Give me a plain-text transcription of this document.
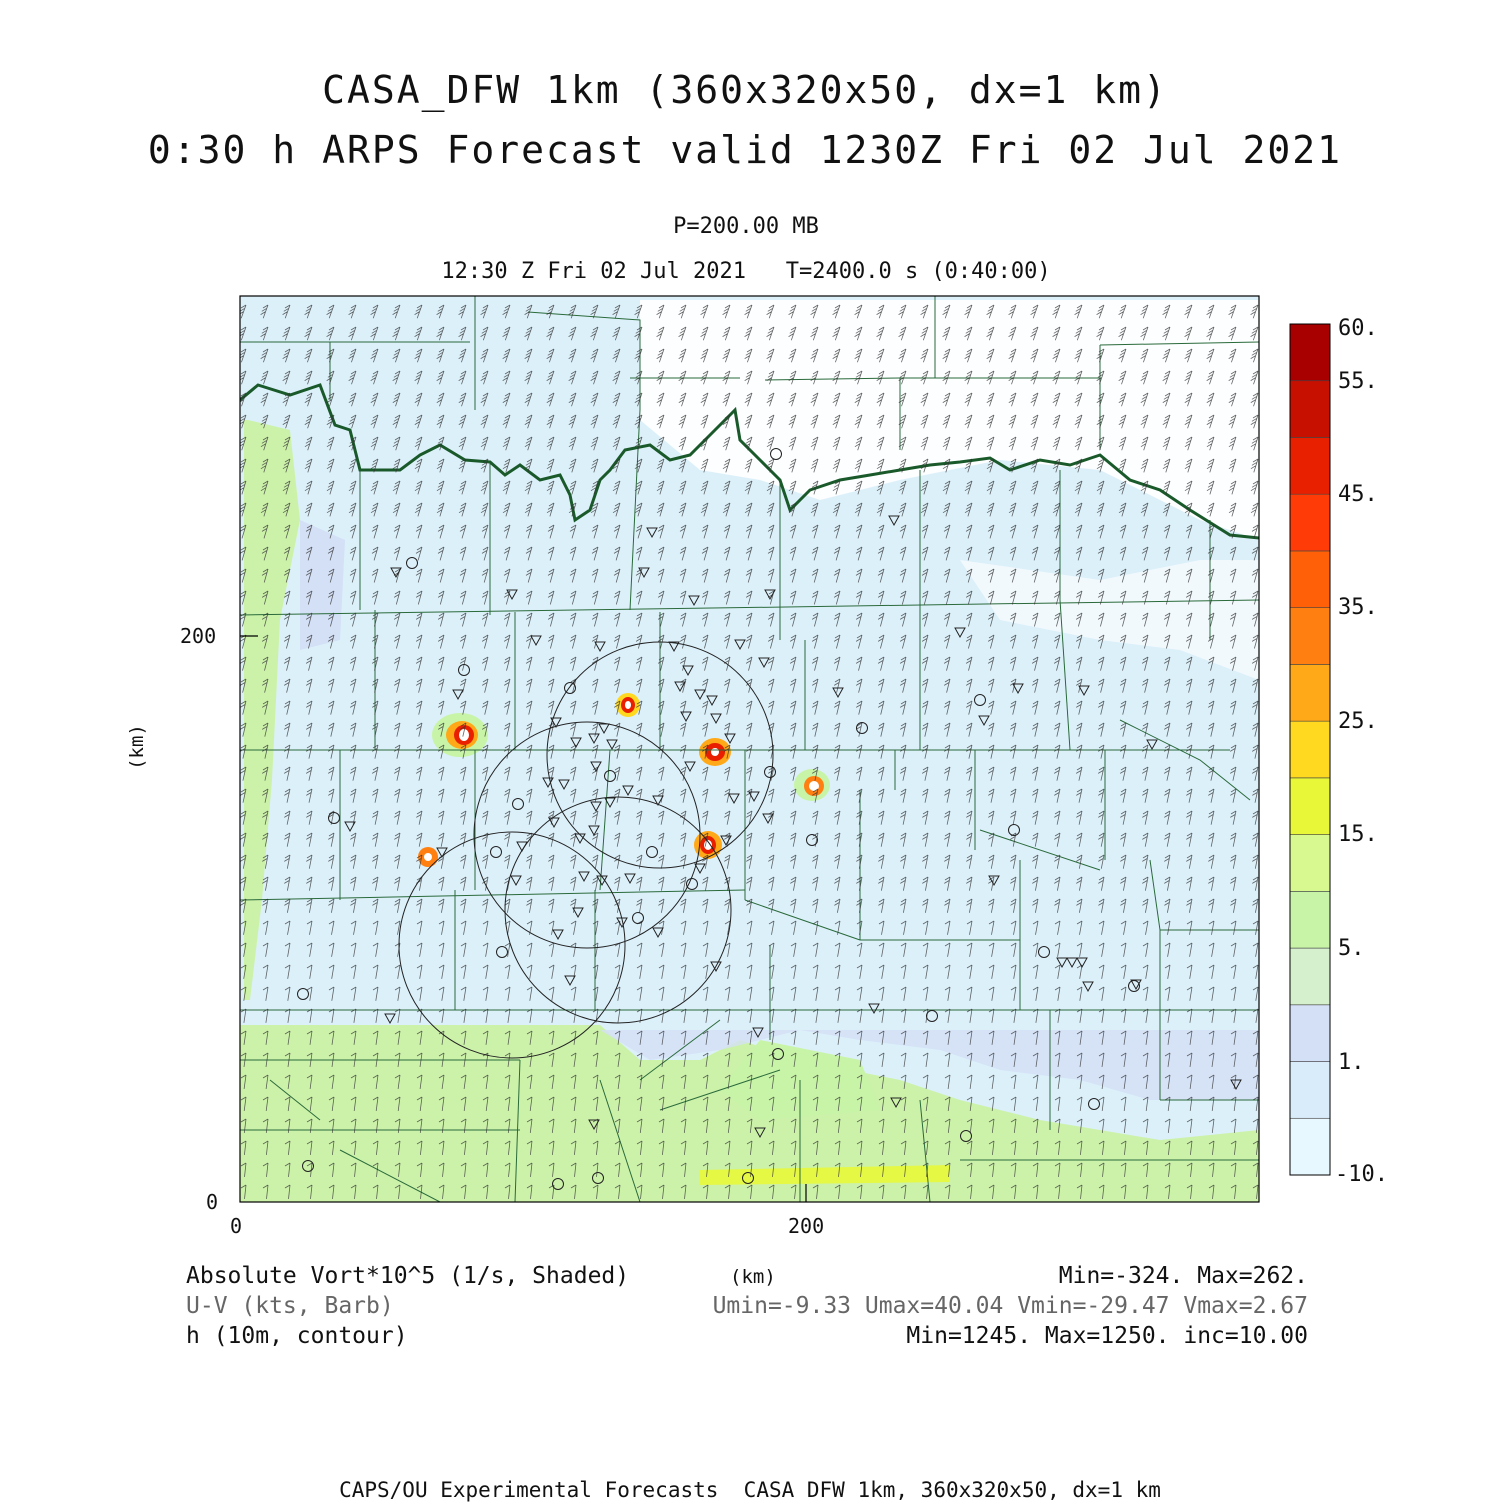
CASA_DFW 1km (360x320x50, dx=1 km)
0:30 h ARPS Forecast valid 1230Z Fri 02 Jul 2021
P=200.00 MB
12:30 Z Fri 02 Jul 2021   T=2400.0 s (0:40:00)
200
0
0	200
(km)
60.
55.
45.
35.
25.
15.
5.
1.
-10.
Absolute Vort*10^5 (1/s, Shaded)	(km)	Min=-324. Max=262.
U-V (kts, Barb)	Umin=-9.33 Umax=40.04 Vmin=-29.47 Vmax=2.67
h (10m, contour)	Min=1245. Max=1250. inc=10.00
CAPS/OU Experimental Forecasts  CASA DFW 1km, 360x320x50, dx=1 km
